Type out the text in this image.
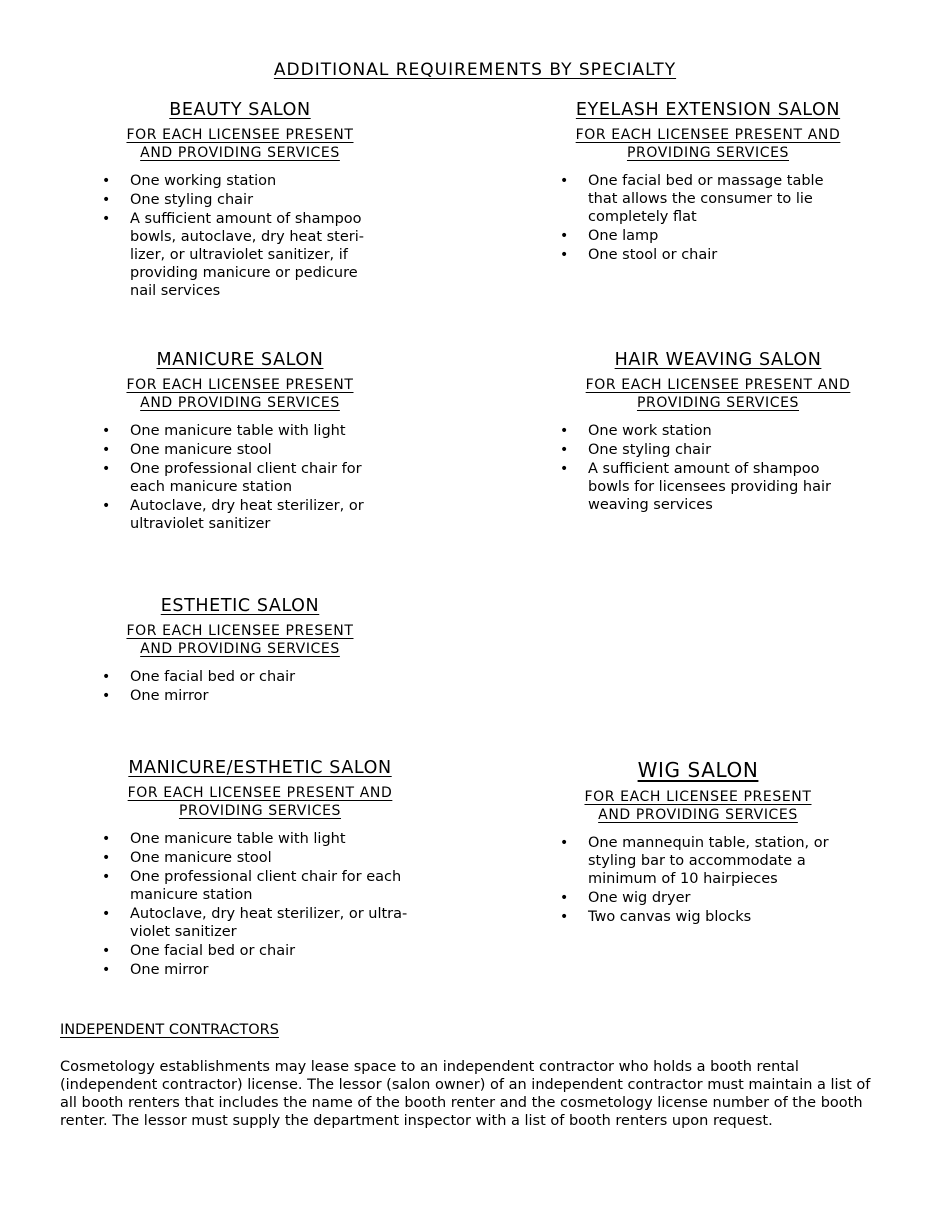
ADDITIONAL REQUIREMENTS BY SPECIALTY
BEAUTY SALON
FOR EACH LICENSEE PRESENT
AND PROVIDING SERVICES
• One working station
• One styling chair
• A sufficient amount of shampoo bowls, autoclave, dry heat steri-lizer, or ultraviolet sanitizer, if providing manicure or pedicure nail services
EYELASH EXTENSION SALON
FOR EACH LICENSEE PRESENT AND
PROVIDING SERVICES
• One facial bed or massage table that allows the consumer to lie completely flat
• One lamp
• One stool or chair
MANICURE SALON
FOR EACH LICENSEE PRESENT
AND PROVIDING SERVICES
• One manicure table with light
• One manicure stool
• One professional client chair for each manicure station
• Autoclave, dry heat sterilizer, or ultraviolet sanitizer
HAIR WEAVING SALON
FOR EACH LICENSEE PRESENT AND
PROVIDING SERVICES
• One work station
• One styling chair
• A sufficient amount of shampoo bowls for licensees providing hair weaving services
ESTHETIC SALON
FOR EACH LICENSEE PRESENT
AND PROVIDING SERVICES
• One facial bed or chair
• One mirror
MANICURE/ESTHETIC SALON
FOR EACH LICENSEE PRESENT AND
PROVIDING SERVICES
• One manicure table with light
• One manicure stool
• One professional client chair for each manicure station
• Autoclave, dry heat sterilizer, or ultra-violet sanitizer
• One facial bed or chair
• One mirror
WIG SALON
FOR EACH LICENSEE PRESENT
AND PROVIDING SERVICES
• One mannequin table, station, or styling bar to accommodate a minimum of 10 hairpieces
• One wig dryer
• Two canvas wig blocks
INDEPENDENT CONTRACTORS
Cosmetology establishments may lease space to an independent contractor who holds a booth rental (independent contractor) license. The lessor (salon owner) of an independent contractor must maintain a list of all booth renters that includes the name of the booth renter and the cosmetology license number of the booth renter. The lessor must supply the department inspector with a list of booth renters upon request.
